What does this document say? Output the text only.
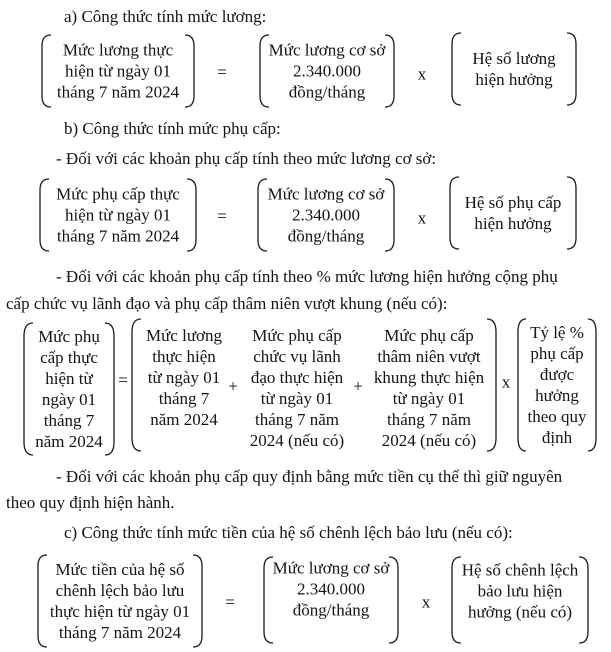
a) Công thức tính mức lương:
Mức lương thực
hiện từ ngày 01
tháng 7 năm 2024
=
Mức lương cơ sở
2.340.000
đồng/tháng
x
Hệ số lương
hiện hưởng
b) Công thức tính mức phụ cấp:
- Đối với các khoản phụ cấp tính theo mức lương cơ sở:
Mức phụ cấp thực
hiện từ ngày 01
tháng 7 năm 2024
=
Mức lương cơ sở
2.340.000
đồng/tháng
x
Hệ số phụ cấp
hiện hưởng
- Đối với các khoản phụ cấp tính theo % mức lương hiện hưởng cộng phụ
cấp chức vụ lãnh đạo và phụ cấp thâm niên vượt khung (nếu có):
Mức phụ
cấp thực
hiện từ
ngày 01
tháng 7
năm 2024
=
Mức lương
thực hiện
từ ngày 01
tháng 7
năm 2024
+
Mức phụ cấp
chức vụ lãnh
đạo thực hiện
từ ngày 01
tháng 7 năm
2024 (nếu có)
+
Mức phụ cấp
thâm niên vượt
khung thực hiện
từ ngày 01
tháng 7 năm
2024 (nếu có)
x
Tỷ lệ %
phụ cấp
được
hưởng
theo quy
định
- Đối với các khoản phụ cấp quy định bằng mức tiền cụ thể thì giữ nguyên
theo quy định hiện hành.
c) Công thức tính mức tiền của hệ số chênh lệch bảo lưu (nếu có):
Mức tiền của hệ số
chênh lệch bảo lưu
thực hiện từ ngày 01
tháng 7 năm 2024
=
Mức lương cơ sở
2.340.000
đồng/tháng	x
Hệ số chênh lệch
bảo lưu hiện
hưởng (nếu có)
